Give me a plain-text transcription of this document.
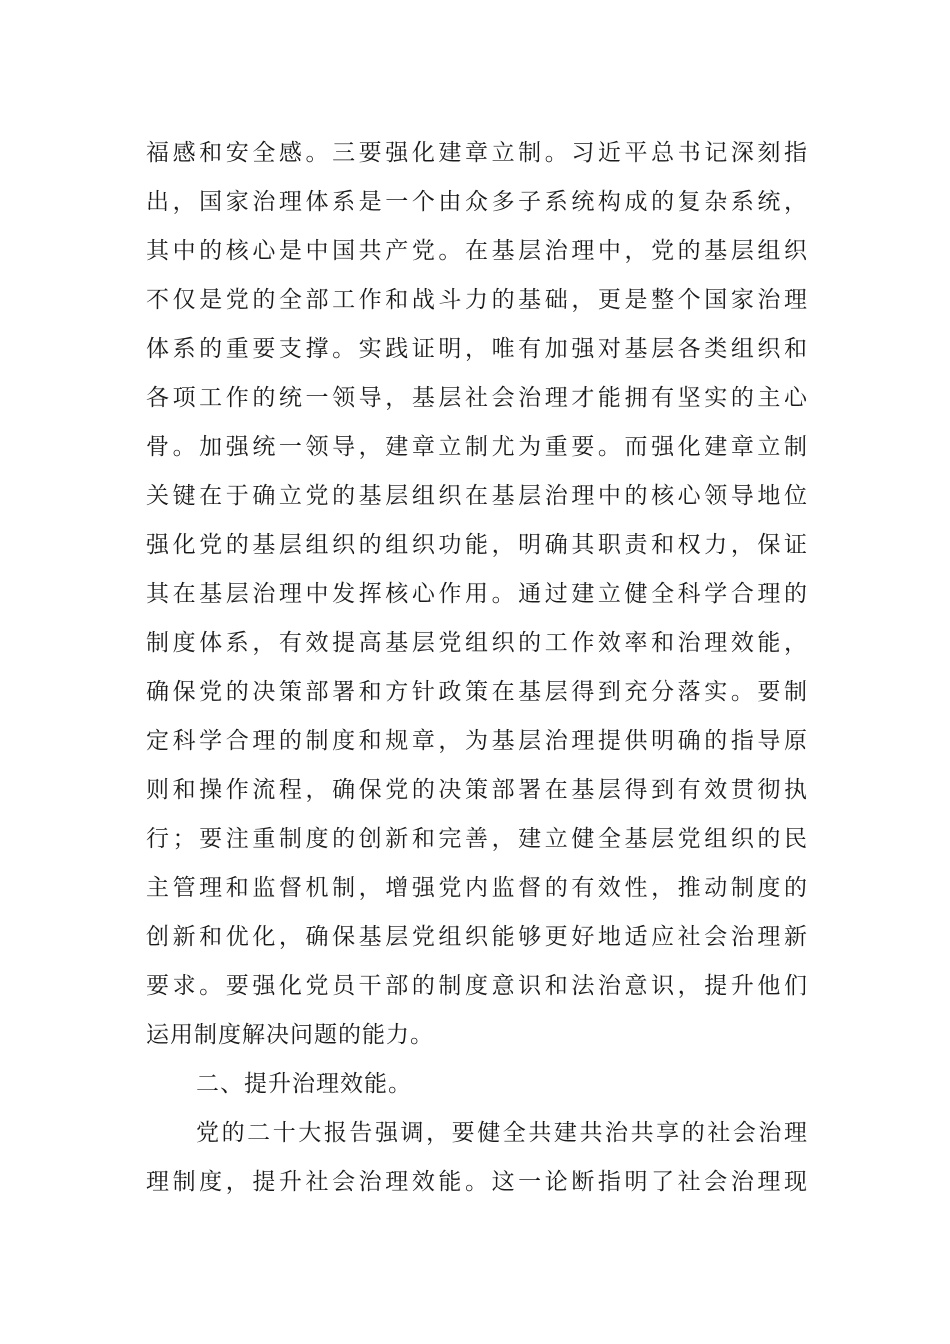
福感和安全感。三要强化建章立制。习近平总书记深刻指
出，国家治理体系是一个由众多子系统构成的复杂系统，
其中的核心是中国共产党。在基层治理中，党的基层组织
不仅是党的全部工作和战斗力的基础，更是整个国家治理
体系的重要支撑。实践证明，唯有加强对基层各类组织和
各项工作的统一领导，基层社会治理才能拥有坚实的主心
骨。加强统一领导，建章立制尤为重要。而强化建章立制
关键在于确立党的基层组织在基层治理中的核心领导地位
强化党的基层组织的组织功能，明确其职责和权力，保证
其在基层治理中发挥核心作用。通过建立健全科学合理的
制度体系，有效提高基层党组织的工作效率和治理效能，
确保党的决策部署和方针政策在基层得到充分落实。要制
定科学合理的制度和规章，为基层治理提供明确的指导原
则和操作流程，确保党的决策部署在基层得到有效贯彻执
行；要注重制度的创新和完善，建立健全基层党组织的民
主管理和监督机制，增强党内监督的有效性，推动制度的
创新和优化，确保基层党组织能够更好地适应社会治理新
要求。要强化党员干部的制度意识和法治意识，提升他们
运用制度解决问题的能力。
二、提升治理效能。
党的二十大报告强调，要健全共建共治共享的社会治理
理制度，提升社会治理效能。这一论断指明了社会治理现
